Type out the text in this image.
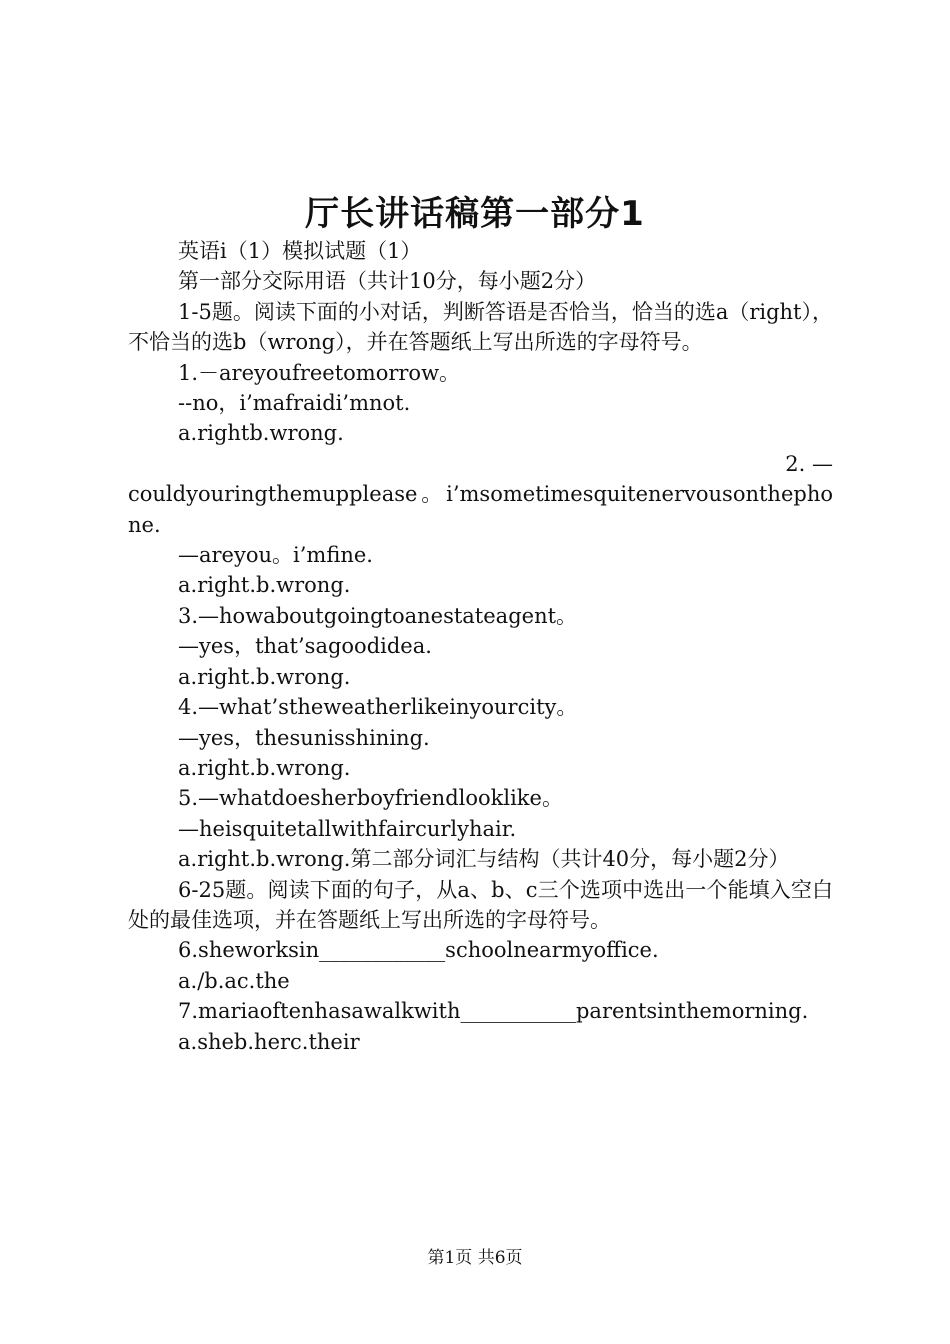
厅长讲话稿第一部分1

英语i（1）模拟试题（1）

第一部分交际用语（共计10分，每小题2分）

1-5题。阅读下面的小对话，判断答语是否恰当，恰当的选a（right），不恰当的选b（wrong），并在答题纸上写出所选的字母符号。

1.－areyoufreetomorrow。

--no，i’mafraidi’mnot.

a.rightb.wrong.

2. —

couldyouringthemupplease。i’msometimesquitenervousonthephone.

—areyou。i’mfine.

a.right.b.wrong.

3.—howaboutgoingtoanestateagent。

—yes，that’sagoodidea.

a.right.b.wrong.

4.—what’stheweatherlikeinyourcity。

—yes，thesunisshining.

a.right.b.wrong.

5.—whatdoesherboyfriendlooklike。

—heisquitetallwithfaircurlyhair.

a.right.b.wrong.第二部分词汇与结构（共计40分，每小题2分）

6-25题。阅读下面的句子，从a、b、c三个选项中选出一个能填入空白处的最佳选项，并在答题纸上写出所选的字母符号。

6.sheworksin____________schoolnearmyoffice.

a./b.ac.the

7.mariaoftenhasawalkwith___________parentsinthemorning.

a.sheb.herc.their

第1页 共6页
